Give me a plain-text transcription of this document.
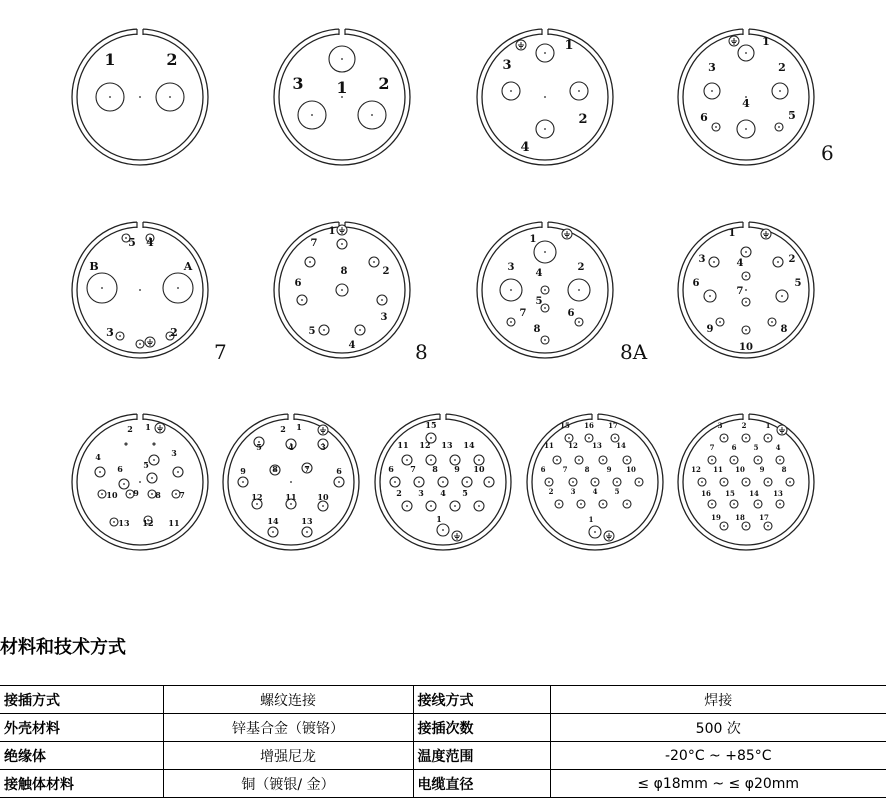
1	2
3 1 2
1
3
2
4
1
3	2
4
6	5
5 4
B	A
3	2
1
7
8	2
6
3
5
4
1
3	2
4
5
7	6
8
1
3	4	2
6
7
5
9	8
10
2 1
4	3
6	5
10 9 8 7
13 12 11
2 1
5	4	3
9	8	7	6
12	11	10
14	13
15
11 12 13 14
6 7 8 9 10
2 3 4 5
1
15 16 17
11 12 13 14
6 7 8 9 10
2 3 4 5
1
3	2	1
7 6 5 4
12 11 10 9 8
16 15 14 13
19 18 17
6
7	8	8A
材料和技术方式
接插方式	螺纹连接	接线方式	焊接
外壳材料	锌基合金（镀铬）	接插次数	500 次
绝缘体	增强尼龙	温度范围	-20°C ~ +85°C
接触体材料	铜（镀银/ 金）	电缆直径	≤ φ18mm ~ ≤ φ20mm
